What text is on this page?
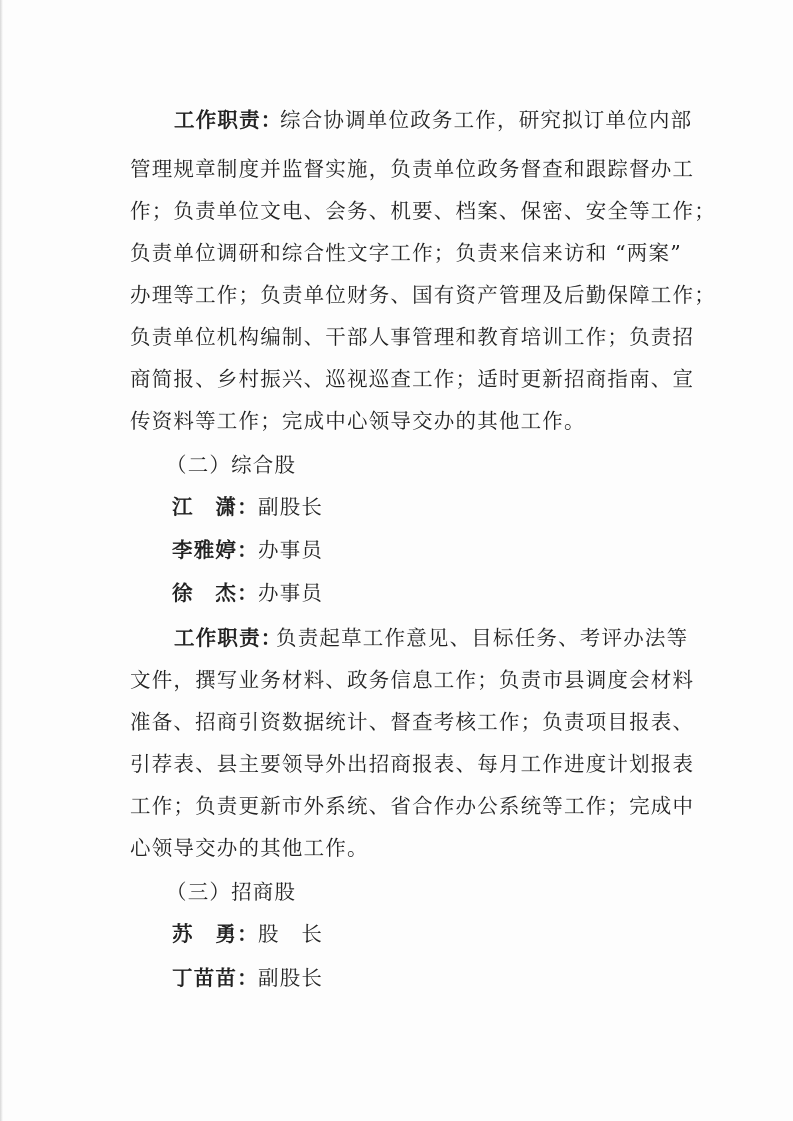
工作职责：
综合协调单位政务工作，研究拟订单位内部
管理规章制度并监督实施，负责单位政务督查和跟踪督办工
作；负责单位文电、会务、机要、档案、保密、安全等工作；
负责单位调研和综合性文字工作；负责来信来访和 “两案”
办理等工作；负责单位财务、国有资产管理及后勤保障工作；
负责单位机构编制、干部人事管理和教育培训工作；负责招
商简报、乡村振兴、巡视巡查工作；适时更新招商指南、宣
传资料等工作；完成中心领导交办的其他工作。
（二）综合股
江　潇： 副股长
李雅婷： 办事员
徐　杰： 办事员
工作职责：
负责起草工作意见、目标任务、考评办法等
文件，撰写业务材料、政务信息工作；负责市县调度会材料
准备、招商引资数据统计、督查考核工作；负责项目报表、
引荐表、县主要领导外出招商报表、每月工作进度计划报表
工作；负责更新市外系统、省合作办公系统等工作；完成中
心领导交办的其他工作。
（三）招商股
苏　勇： 股　长
丁苗苗： 副股长
